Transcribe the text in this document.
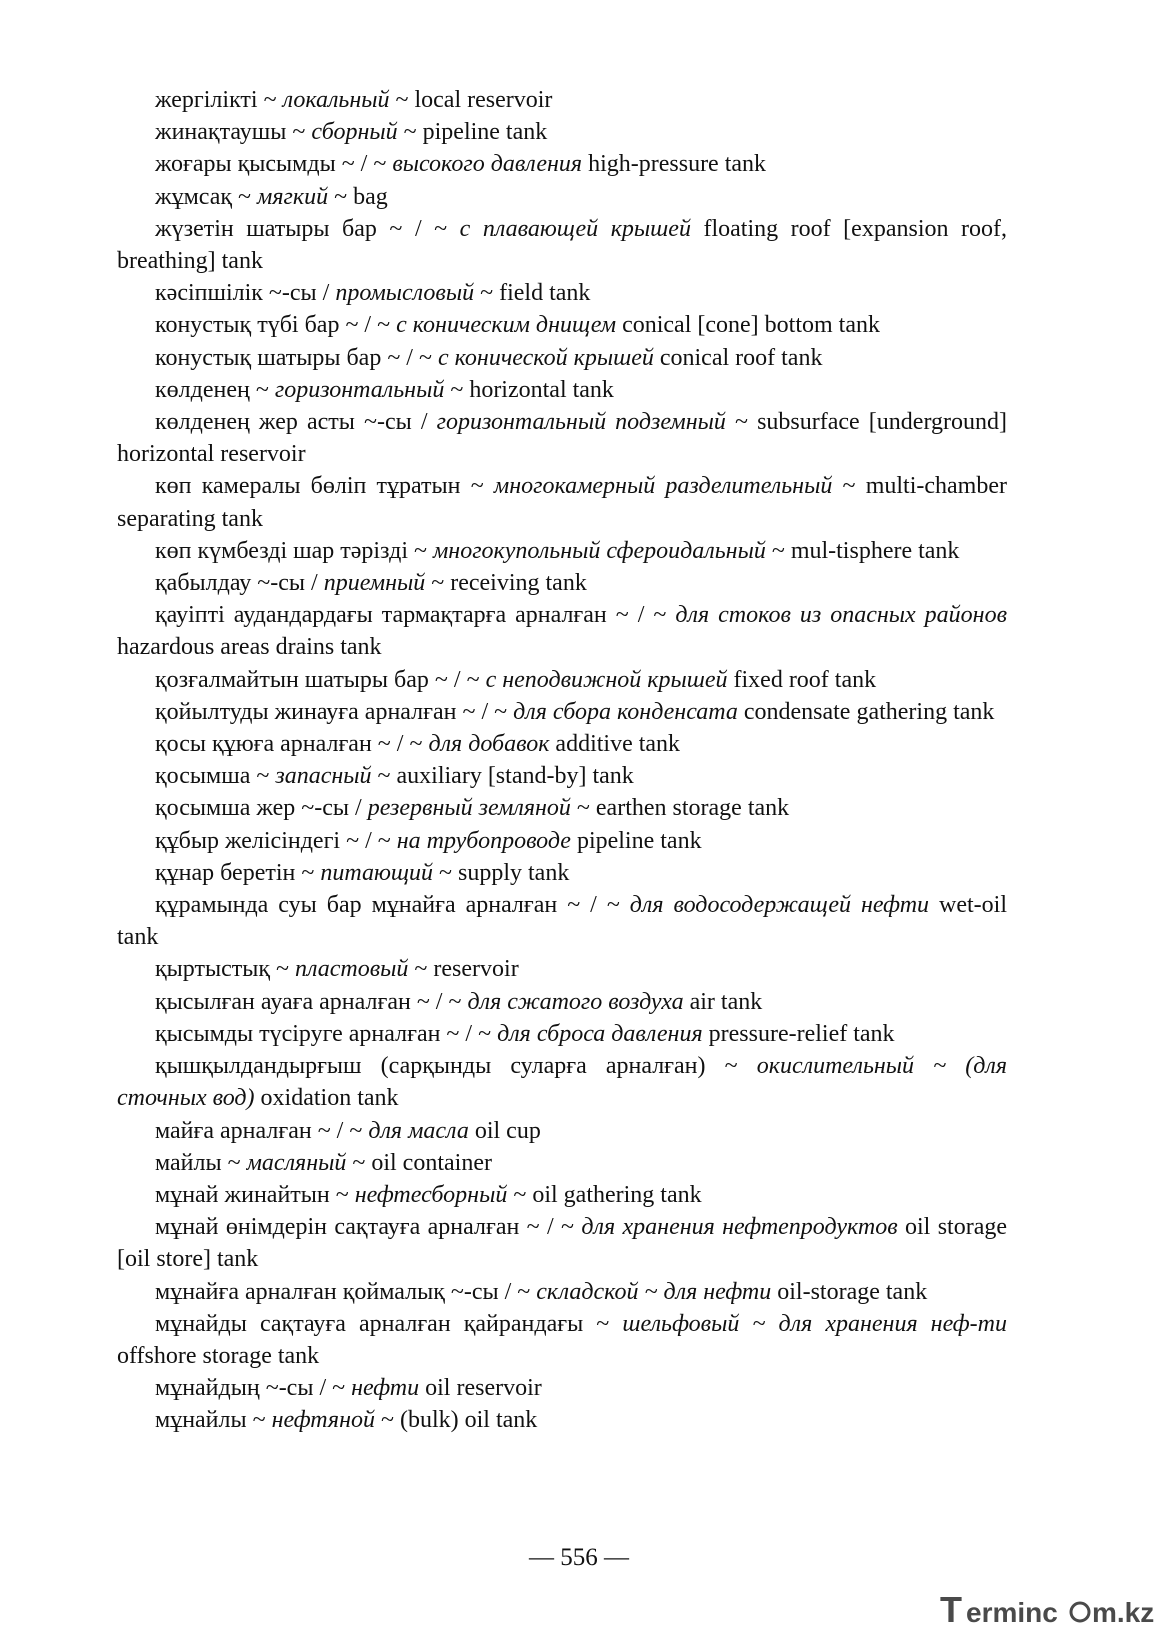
жергілікті ~ локальный ~ local reservoir

жинақтаушы ~ сборный ~ pipeline tank

жоғары қысымды ~ / ~ высокого давления high-pressure tank

жұмсақ ~ мягкий ~ bag

жүзетін шатыры бар ~ / ~ с плавающей крышей floating roof [expansion roof, breathing] tank

кәсіпшілік ~-сы / промысловый ~ field tank

конустық түбі бар ~ / ~ с коническим днищем conical [cone] bottom tank

конустық шатыры бар ~ / ~ с конической крышей conical roof tank

көлденең ~ горизонтальный ~ horizontal tank

көлденең жер асты ~-сы / горизонтальный подземный ~ subsurface [underground] horizontal reservoir

көп камералы бөліп тұратын ~ многокамерный разделительный ~ multi-chamber separating tank

көп күмбезді шар тәрізді ~ многокупольный сфероидальный ~ mul-tisphere tank

қабылдау ~-сы / приемный ~ receiving tank

қауіпті аудандардағы тармақтарға арналған ~ / ~ для стоков из опасных районов hazardous areas drains tank

қозғалмайтын шатыры бар ~ / ~ с неподвижной крышей fixed roof tank

қойылтуды жинауға арналған ~ / ~ для сбора конденсата condensate gathering tank

қосы құюға арналған ~ / ~ для добавок additive tank

қосымша ~ запасный ~ auxiliary [stand-by] tank

қосымша жер ~-сы / резервный земляной ~ earthen storage tank

құбыр желісіндегі ~ / ~ на трубопроводе pipeline tank

құнар беретін ~ питающий ~ supply tank

құрамында суы бар мұнайға арналған ~ / ~ для водосодержащей нефти wet-oil tank

қыртыстық ~ пластовый ~ reservoir

қысылған ауаға арналған ~ / ~ для сжатого воздуха air tank

қысымды түсіруге арналған ~ / ~ для сброса давления pressure-relief tank

қышқылдандырғыш (сарқынды суларға арналған) ~ окислительный ~ (для сточных вод) oxidation tank

майға арналған ~ / ~ для масла oil cup

майлы ~ масляный ~ oil container

мұнай жинайтын ~ нефтесборный ~ oil gathering tank

мұнай өнімдерін сақтауға арналған ~ / ~ для хранения нефтепродуктов oil storage [oil store] tank

мұнайға арналған қоймалық ~-сы / ~ складской ~ для нефти oil-storage tank

мұнайды сақтауға арналған қайрандағы ~ шельфовый ~ для хранения неф-ти offshore storage tank

мұнайдың ~-сы / ~ нефти oil reservoir

мұнайлы ~ нефтяной ~ (bulk) oil tank

— 556 —
T erminc m.kz
